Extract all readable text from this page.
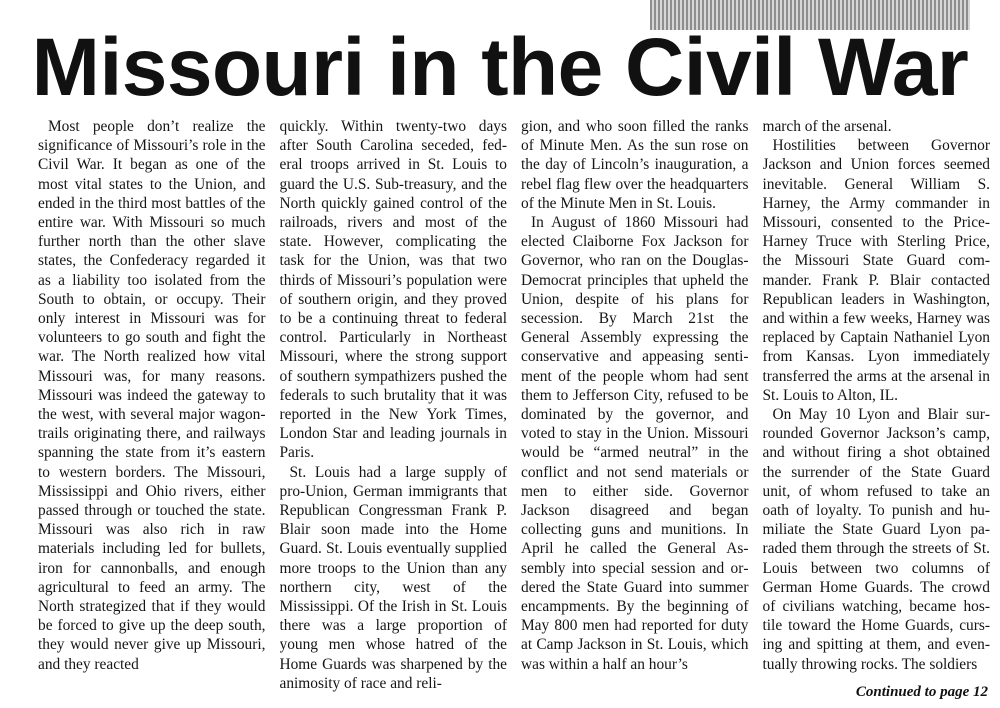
Missouri in the Civil War

Most people don’t realize the significance of Missouri’s role in the Civil War. It began as one of the most vital states to the Union, and ended in the third most battles of the entire war. With Missouri so much further north than the other slave states, the Confederacy regarded it as a liability too isolated from the South to obtain, or occupy. Their only interest in Missouri was for volunteers to go south and fight the war. The North realized how vital Missouri was, for many reasons. Missouri was indeed the gateway to the west, with several major wagon-trails originating there, and railways spanning the state from it’s eastern to western borders. The Missouri, Mississippi and Ohio rivers, either passed through or touched the state. Missouri was also rich in raw materials including led for bullets, iron for cannonballs, and enough agricultural to feed an army. The North strategized that if they would be forced to give up the deep south, they would never give up Missouri, and they reacted

quickly. Within twenty-two days after South Carolina seceded, federal troops arrived in St. Louis to guard the U.S. Sub-treasury, and the North quickly gained control of the railroads, rivers and most of the state. However, complicating the task for the Union, was that two thirds of Missouri’s population were of southern origin, and they proved to be a continuing threat to federal control. Particularly in Northeast Missouri, where the strong support of southern sympathizers pushed the federals to such brutality that it was reported in the New York Times, London Star and leading journals in Paris.

St. Louis had a large supply of pro-Union, German immigrants that Republican Congressman Frank P. Blair soon made into the Home Guard. St. Louis eventually supplied more troops to the Union than any northern city, west of the Mississippi. Of the Irish in St. Louis there was a large proportion of young men whose hatred of the Home Guards was sharpened by the animosity of race and reli-

gion, and who soon filled the ranks of Minute Men. As the sun rose on the day of Lincoln’s inauguration, a rebel flag flew over the headquarters of the Minute Men in St. Louis.

In August of 1860 Missouri had elected Claiborne Fox Jackson for Governor, who ran on the Douglas-Democrat principles that upheld the Union, despite of his plans for secession. By March 21st the General Assembly expressing the conservative and appeasing sentiment of the people whom had sent them to Jefferson City, refused to be dominated by the governor, and voted to stay in the Union. Missouri would be “armed neutral” in the conflict and not send materials or men to either side. Governor Jackson disagreed and began collecting guns and munitions. In April he called the General Assembly into special session and ordered the State Guard into summer encampments. By the beginning of May 800 men had reported for duty at Camp Jackson in St. Louis, which was within a half an hour’s

march of the arsenal.

Hostilities between Governor Jackson and Union forces seemed inevitable. General William S. Harney, the Army commander in Missouri, consented to the Price-Harney Truce with Sterling Price, the Missouri State Guard commander. Frank P. Blair contacted Republican leaders in Washington, and within a few weeks, Harney was replaced by Captain Nathaniel Lyon from Kansas. Lyon immediately transferred the arms at the arsenal in St. Louis to Alton, IL.

On May 10 Lyon and Blair surrounded Governor Jackson’s camp, and without firing a shot obtained the surrender of the State Guard unit, of whom refused to take an oath of loyalty. To punish and humiliate the State Guard Lyon paraded them through the streets of St. Louis between two columns of German Home Guards. The crowd of civilians watching, became hostile toward the Home Guards, cursing and spitting at them, and eventually throwing rocks. The soldiers

Continued to page 12
